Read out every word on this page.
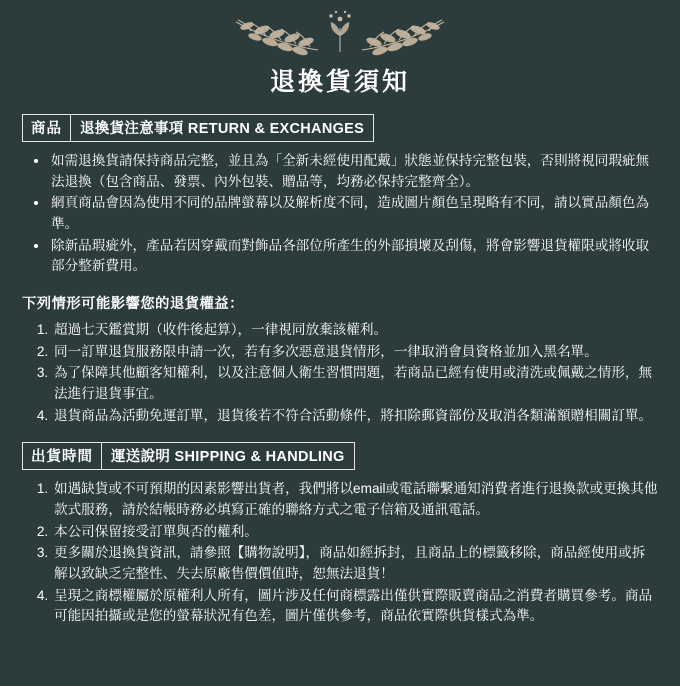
退換貨須知
商品	退換貨注意事項 RETURN & EXCHANGES
• 如需退換貨請保持商品完整，並且為「全新未經使用配戴」狀態並保持完整包裝，否則將視同瑕疵無法退換（包含商品、發票、內外包裝、贈品等，均務必保持完整齊全）。
• 網頁商品會因為使用不同的品牌螢幕以及解析度不同，造成圖片顏色呈現略有不同，請以實品顏色為準。
• 除新品瑕疵外，產品若因穿戴而對飾品各部位所產生的外部損壞及刮傷，將會影響退貨權限或將收取部分整新費用。
下列情形可能影響您的退貨權益：
1. 超過七天鑑賞期（收件後起算），一律視同放棄該權利。
2. 同一訂單退貨服務限申請一次，若有多次惡意退貨情形，一律取消會員資格並加入黑名單。
3. 為了保障其他顧客知權利，以及注意個人衛生習慣問題，若商品已經有使用或清洗或佩戴之情形，無法進行退貨事宜。
4. 退貨商品為活動免運訂單，退貨後若不符合活動條件，將扣除郵資部份及取消各類滿額贈相關訂單。
出貨時間	運送說明 SHIPPING & HANDLING
1. 如遇缺貨或不可預期的因素影響出貨者，我們將以email或電話聯繫通知消費者進行退換款或更換其他款式服務，請於結帳時務必填寫正確的聯絡方式之電子信箱及通訊電話。
2. 本公司保留接受訂單與否的權利。
3. 更多關於退換貨資訊，請參照【購物說明】，商品如經拆封，且商品上的標籤移除，商品經使用或拆解以致缺乏完整性、失去原廠售價價值時，恕無法退貨！
4. 呈現之商標權屬於原權利人所有，圖片涉及任何商標露出僅供實際販賣商品之消費者購買參考。商品可能因拍攝或是您的螢幕狀況有色差，圖片僅供參考，商品依實際供貨樣式為準。
